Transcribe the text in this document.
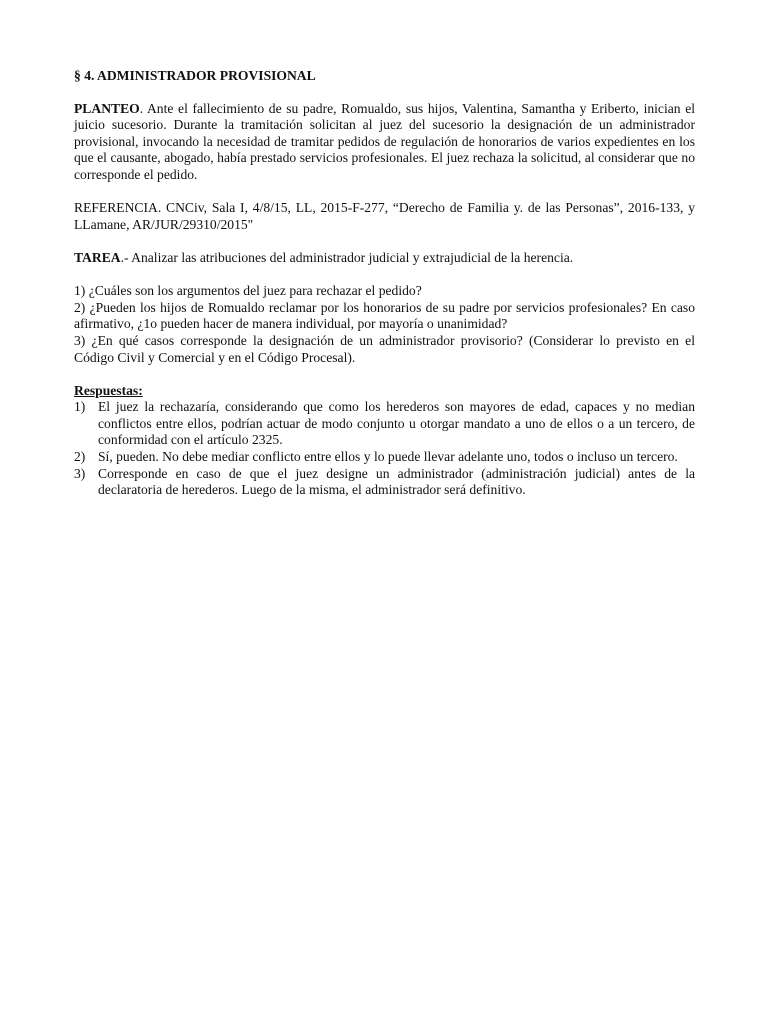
§ 4. ADMINISTRADOR PROVISIONAL

PLANTEO. Ante el fallecimiento de su padre, Romualdo, sus hijos, Valentina, Samantha y Eriberto, inician el juicio sucesorio. Durante la tramitación solicitan al juez del sucesorio la designación de un administrador provisional, invocando la necesidad de tramitar pedidos de regulación de honorarios de varios expedientes en los que el causante, abogado, había prestado servicios profesionales. El juez rechaza la solicitud, al considerar que no corresponde el pedido.

REFERENCIA. CNCiv, Sala I, 4/8/15, LL, 2015-F-277, “Derecho de Familia y. de las Personas”, 2016-133, y LLamane, AR/JUR/29310/2015"

TAREA.- Analizar las atribuciones del administrador judicial y extrajudicial de la herencia.

1) ¿Cuáles son los argumentos del juez para rechazar el pedido?
2) ¿Pueden los hijos de Romualdo reclamar por los honorarios de su padre por servicios profesionales? En caso afirmativo, ¿1o pueden hacer de manera individual, por mayoría o unanimidad?
3) ¿En qué casos corresponde la designación de un administrador provisorio? (Considerar lo previsto en el Código Civil y Comercial y en el Código Procesal).
Respuestas:
1) El juez la rechazaría, considerando que como los herederos son mayores de edad, capaces y no median conflictos entre ellos, podrían actuar de modo conjunto u otorgar mandato a uno de ellos o a un tercero, de conformidad con el artículo 2325.
2) Sí, pueden. No debe mediar conflicto entre ellos y lo puede llevar adelante uno, todos o incluso un tercero.
3) Corresponde en caso de que el juez designe un administrador (administración judicial) antes de la declaratoria de herederos. Luego de la misma, el administrador será definitivo.
